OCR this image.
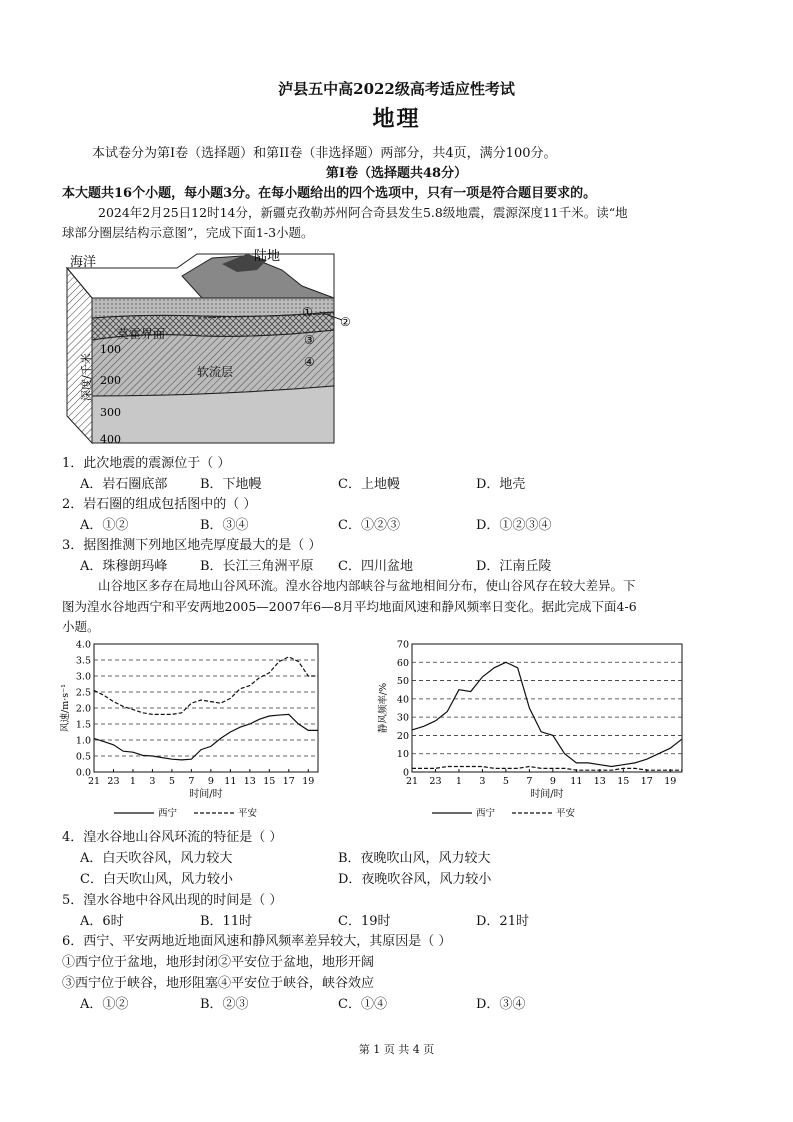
泸县五中高2022级高考适应性考试
地理
本试卷分为第I卷（选择题）和第II卷（非选择题）两部分，共4页，满分100分。
第I卷（选择题共48分）
本大题共16个小题，每小题3分。在每小题给出的四个选项中，只有一项是符合题目要求的。
2024年2月25日12时14分，新疆克孜勒苏州阿合奇县发生5.8级地震，震源深度11千米。读“地
球部分圈层结构示意图”，完成下面1-3小题。
海洋	陆地
莫霍界面
软流层
①
②
③
④
100
200
300
400
深度/千米
1．此次地震的震源位于（ ）
A．岩石圈底部	B．下地幔	C．上地幔	D．地壳
2．岩石圈的组成包括图中的（ ）
A．①②	B．③④	C．①②③	D．①②③④
3．据图推测下列地区地壳厚度最大的是（ ）
A．珠穆朗玛峰	B．长江三角洲平原 C．四川盆地	D．江南丘陵
山谷地区多存在局地山谷风环流。湟水谷地内部峡谷与盆地相间分布，使山谷风存在较大差异。下
图为湟水谷地西宁和平安两地2005—2007年6—8月平均地面风速和静风频率日变化。据此完成下面4-6
小题。
0.0
0.5
1.0
1.5
2.0
2.5
3.0
3.5
4.0
21 23 1 3 5 7 9 11 13 15 17 19
时间/时
风速/m·s⁻¹
西宁	平安
0
10
20
30
40
50
60
70
21 23 1 3 5 7 9 11 13 15 17 19
时间/时
静风频率/%
西宁	平安
4．湟水谷地山谷风环流的特征是（ ）
A．白天吹谷风，风力较大	B．夜晚吹山风，风力较大
C．白天吹山风，风力较小	D．夜晚吹谷风，风力较小
5．湟水谷地中谷风出现的时间是（ ）
A．6时	B．11时	C．19时	D．21时
6．西宁、平安两地近地面风速和静风频率差异较大，其原因是（ ）
①西宁位于盆地，地形封闭②平安位于盆地，地形开阔
③西宁位于峡谷，地形阻塞④平安位于峡谷，峡谷效应
A．①②	B．②③	C．①④	D．③④
第 1 页 共 4 页
